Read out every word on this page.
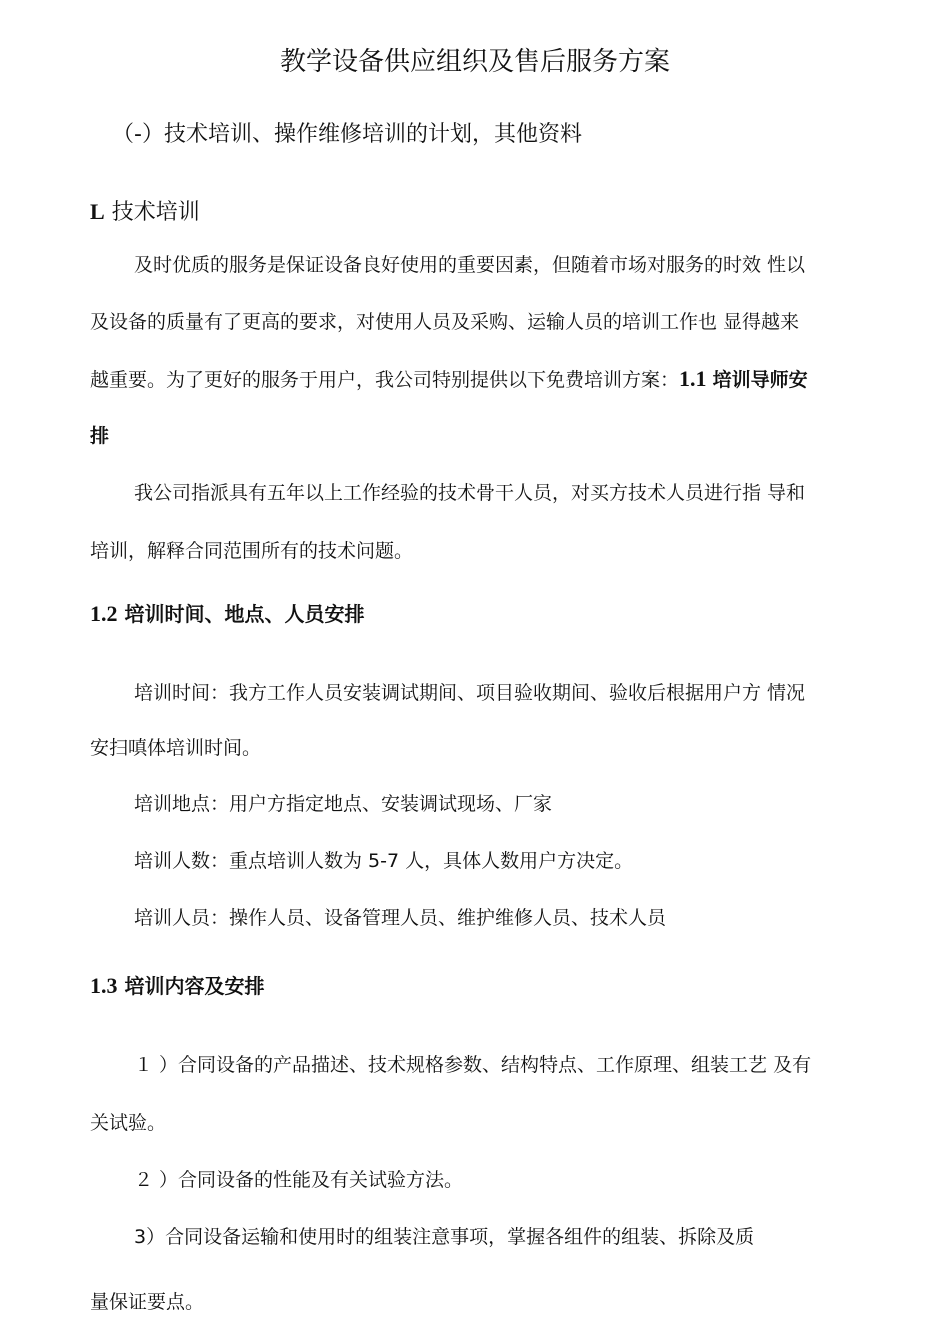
教学设备供应组织及售后服务方案
（-）技术培训、操作维修培训的计划，其他资料
L 技术培训
及时优质的服务是保证设备良好使用的重要因素，但随着市场对服务的时效 性以
及设备的质量有了更高的要求，对使用人员及采购、运输人员的培训工作也 显得越来
越重要。为了更好的服务于用户，我公司特别提供以下免费培训方案：1.1 培训导师安
排
我公司指派具有五年以上工作经验的技术骨干人员，对买方技术人员进行指 导和
培训，解释合同范围所有的技术问题。
1.2 培训时间、地点、人员安排
培训时间：我方工作人员安装调试期间、项目验收期间、验收后根据用户方 情况
安扫嗔体培训时间。
培训地点：用户方指定地点、安装调试现场、厂家
培训人数：重点培训人数为 5-7 人，具体人数用户方决定。
培训人员：操作人员、设备管理人员、维护维修人员、技术人员
1.3 培训内容及安排
１ ）合同设备的产品描述、技术规格参数、结构特点、工作原理、组装工艺 及有
关试验。
２ ）合同设备的性能及有关试验方法。
3）合同设备运输和使用时的组装注意事项，掌握各组件的组装、拆除及质
量保证要点。
